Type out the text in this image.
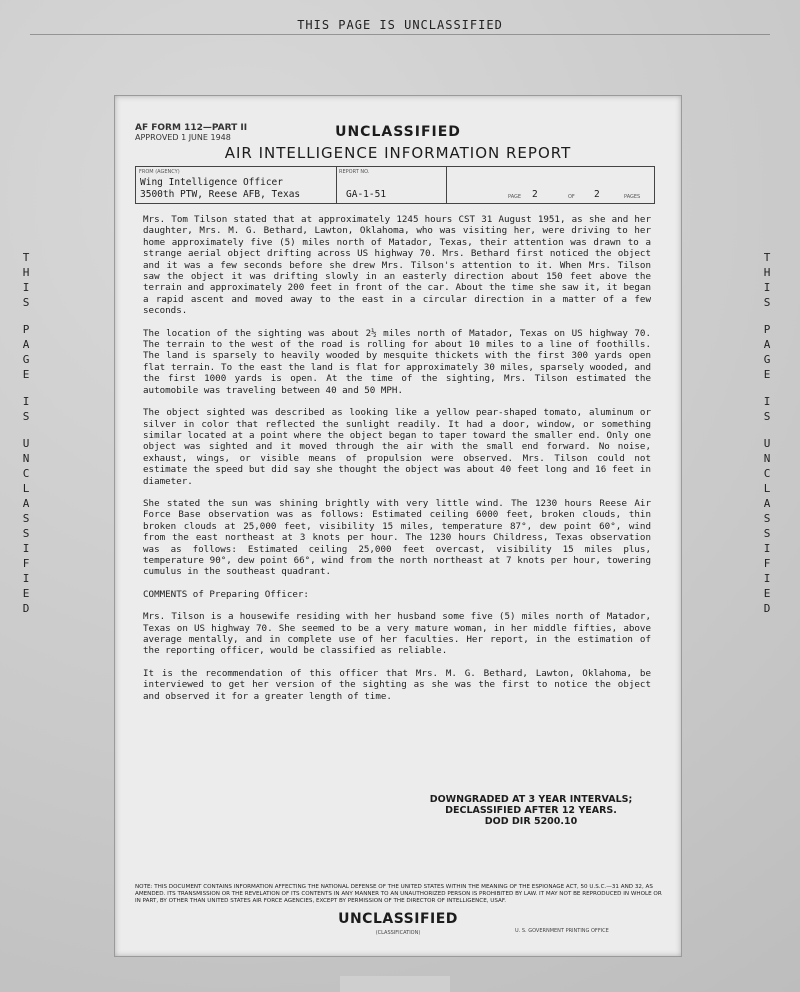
THIS PAGE IS UNCLASSIFIED
T
H
I
S
P
A
G
E
I
S
U
N
C
L
A
S
S
I
F
I
E
D
T
H
I
S
P
A
G
E
I
S
U
N
C
L
A
S
S
I
F
I
E
D
AF FORM 112—PART II
APPROVED 1 JUNE 1948	UNCLASSIFIED
AIR INTELLIGENCE INFORMATION REPORT
FROM (AGENCY)
Wing Intelligence Officer
3500th PTW, Reese AFB, Texas
REPORT NO.
GA-1-51	PAGE 2	OF 2	PAGES

Mrs. Tom Tilson stated that at approximately 1245 hours CST 31 August 1951, as she and her daughter, Mrs. M. G. Bethard, Lawton, Oklahoma, who was visiting her, were driving to her home approximately five (5) miles north of Matador, Texas, their attention was drawn to a strange aerial object drifting across US highway 70. Mrs. Bethard first noticed the object and it was a few seconds before she drew Mrs. Tilson's attention to it. When Mrs. Tilson saw the object it was drifting slowly in an easterly direction about 150 feet above the terrain and approximately 200 feet in front of the car. About the time she saw it, it began a rapid ascent and moved away to the east in a circular direction in a matter of a few seconds.

The location of the sighting was about 2½ miles north of Matador, Texas on US highway 70. The terrain to the west of the road is rolling for about 10 miles to a line of foothills. The land is sparsely to heavily wooded by mesquite thickets with the first 300 yards open flat terrain. To the east the land is flat for approximately 30 miles, sparsely wooded, and the first 1000 yards is open. At the time of the sighting, Mrs. Tilson estimated the automobile was traveling between 40 and 50 MPH.

The object sighted was described as looking like a yellow pear-shaped tomato, aluminum or silver in color that reflected the sunlight readily. It had a door, window, or something similar located at a point where the object began to taper toward the smaller end. Only one object was sighted and it moved through the air with the small end forward. No noise, exhaust, wings, or visible means of propulsion were observed. Mrs. Tilson could not estimate the speed but did say she thought the object was about 40 feet long and 16 feet in diameter.

She stated the sun was shining brightly with very little wind. The 1230 hours Reese Air Force Base observation was as follows: Estimated ceiling 6000 feet, broken clouds, thin broken clouds at 25,000 feet, visibility 15 miles, temperature 87°, dew point 60°, wind from the east northeast at 3 knots per hour. The 1230 hours Childress, Texas observation was as follows: Estimated ceiling 25,000 feet overcast, visibility 15 miles plus, temperature 90°, dew point 66°, wind from the north northeast at 7 knots per hour, towering cumulus in the southeast quadrant.

COMMENTS of Preparing Officer:

Mrs. Tilson is a housewife residing with her husband some five (5) miles north of Matador, Texas on US highway 70. She seemed to be a very mature woman, in her middle fifties, above average mentally, and in complete use of her faculties. Her report, in the estimation of the reporting officer, would be classified as reliable.

It is the recommendation of this officer that Mrs. M. G. Bethard, Lawton, Oklahoma, be interviewed to get her version of the sighting as she was the first to notice the object and observed it for a greater length of time.

DOWNGRADED AT 3 YEAR INTERVALS;
DECLASSIFIED AFTER 12 YEARS.
DOD DIR 5200.10
NOTE: THIS DOCUMENT CONTAINS INFORMATION AFFECTING THE NATIONAL DEFENSE OF THE UNITED STATES WITHIN THE MEANING OF THE ESPIONAGE ACT, 50 U.S.C.—31 AND 32, AS AMENDED. ITS TRANSMISSION OR THE REVELATION OF ITS CONTENTS IN ANY MANNER TO AN UNAUTHORIZED PERSON IS PROHIBITED BY LAW. IT MAY NOT BE REPRODUCED IN WHOLE OR IN PART, BY OTHER THAN UNITED STATES AIR FORCE AGENCIES, EXCEPT BY PERMISSION OF THE DIRECTOR OF INTELLIGENCE, USAF.
UNCLASSIFIED
(CLASSIFICATION)	U. S. GOVERNMENT PRINTING OFFICE
